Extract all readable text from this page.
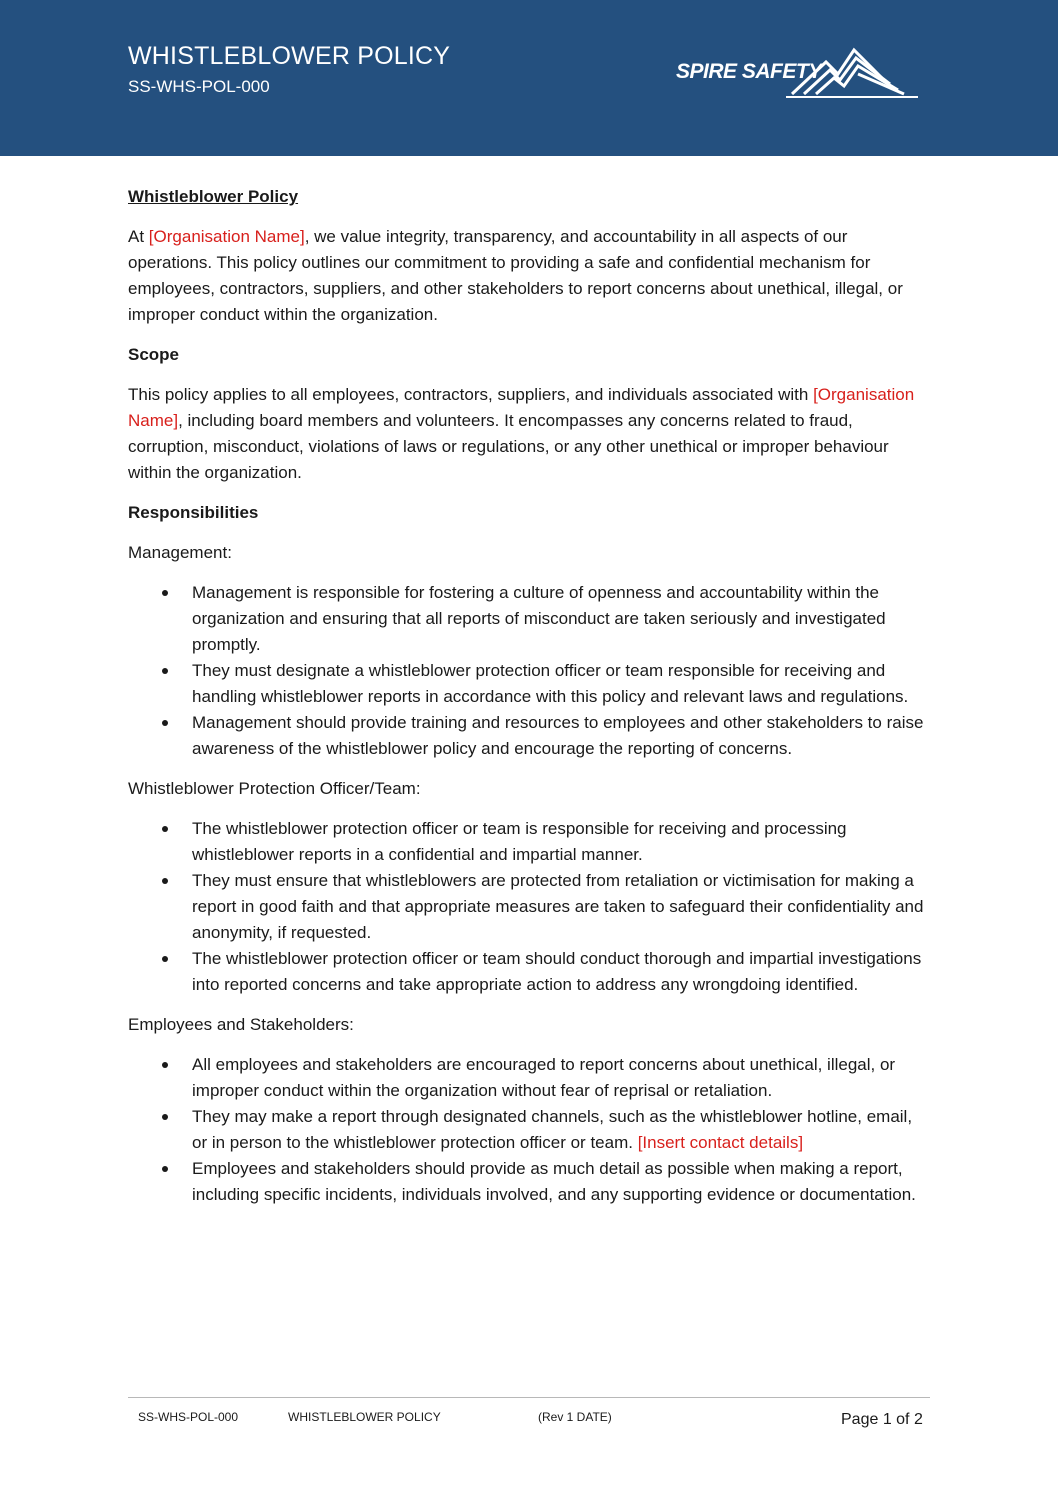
WHISTLEBLOWER POLICY
SS-WHS-POL-000
SPIRE SAFETY
Whistleblower Policy

At [Organisation Name], we value integrity, transparency, and accountability in all aspects of our operations. This policy outlines our commitment to providing a safe and confidential mechanism for employees, contractors, suppliers, and other stakeholders to report concerns about unethical, illegal, or improper conduct within the organization.

Scope

This policy applies to all employees, contractors, suppliers, and individuals associated with [Organisation Name], including board members and volunteers. It encompasses any concerns related to fraud, corruption, misconduct, violations of laws or regulations, or any other unethical or improper behaviour within the organization.

Responsibilities

Management:

Management is responsible for fostering a culture of openness and accountability within the organization and ensuring that all reports of misconduct are taken seriously and investigated promptly.
They must designate a whistleblower protection officer or team responsible for receiving and handling whistleblower reports in accordance with this policy and relevant laws and regulations.
Management should provide training and resources to employees and other stakeholders to raise awareness of the whistleblower policy and encourage the reporting of concerns.

Whistleblower Protection Officer/Team:

The whistleblower protection officer or team is responsible for receiving and processing whistleblower reports in a confidential and impartial manner.
They must ensure that whistleblowers are protected from retaliation or victimisation for making a report in good faith and that appropriate measures are taken to safeguard their confidentiality and anonymity, if requested.
The whistleblower protection officer or team should conduct thorough and impartial investigations into reported concerns and take appropriate action to address any wrongdoing identified.

Employees and Stakeholders:

All employees and stakeholders are encouraged to report concerns about unethical, illegal, or improper conduct within the organization without fear of reprisal or retaliation.
They may make a report through designated channels, such as the whistleblower hotline, email, or in person to the whistleblower protection officer or team. [Insert contact details]
Employees and stakeholders should provide as much detail as possible when making a report, including specific incidents, individuals involved, and any supporting evidence or documentation.
SS-WHS-POL-000	WHISTLEBLOWER POLICY	(Rev 1 DATE)	Page 1 of 2
